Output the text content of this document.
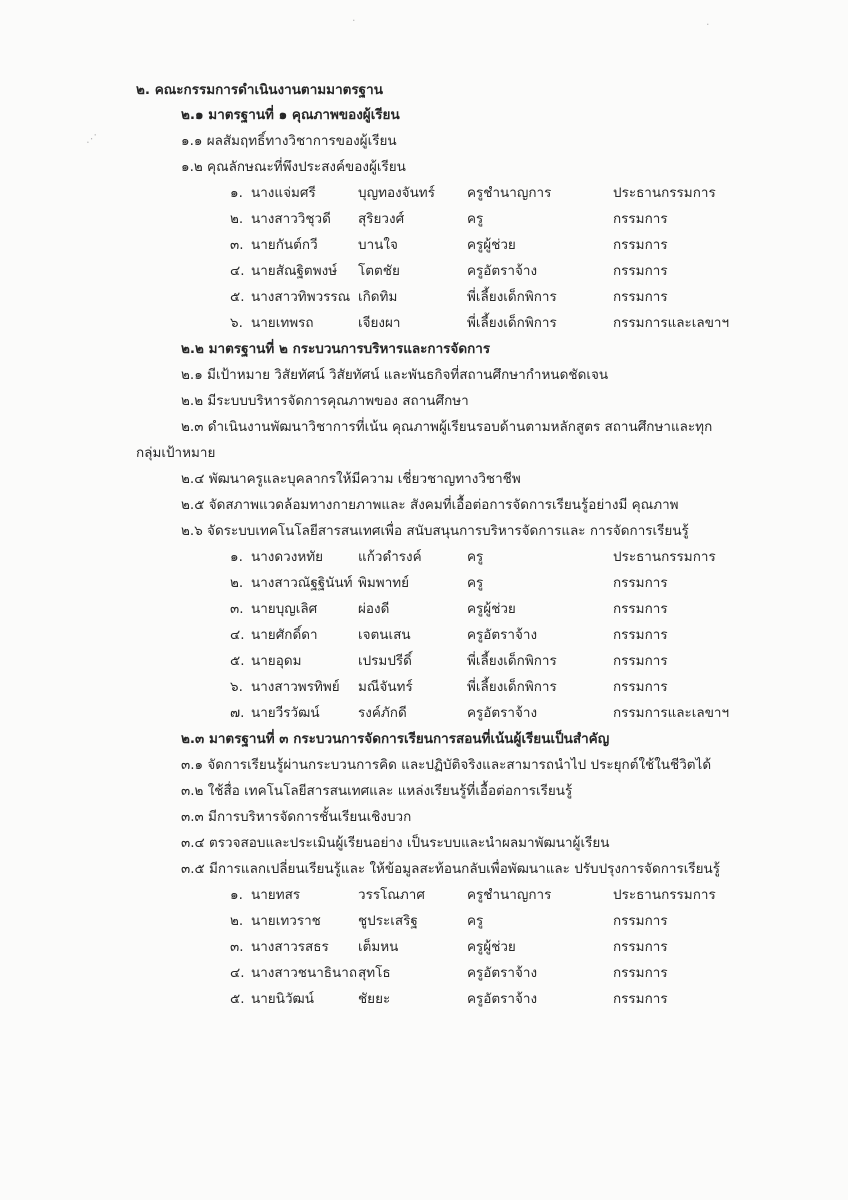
๒. คณะกรรมการดำเนินงานตามมาตรฐาน
๒.๑ มาตรฐานที่ ๑ คุณภาพของผู้เรียน
๑.๑ ผลสัมฤทธิ์ทางวิชาการของผู้เรียน
๑.๒ คุณลักษณะที่พึงประสงค์ของผู้เรียน
๑. นางแจ่มศรี	บุญทองจันทร์ ครูชำนาญการ	ประธานกรรมการ
๒. นางสาววิชุวดี สุริยวงศ์	ครู	กรรมการ
๓. นายกันต์กวี	บานใจ	ครูผู้ช่วย	กรรมการ
๔. นายสัณฐิตพงษ์ โตตชัย	ครูอัตราจ้าง	กรรมการ
๕. นางสาวทิพวรรณ เกิดทิม	พี่เลี้ยงเด็กพิการ	กรรมการ
๖. นายเทพรถ	เจียงผา	พี่เลี้ยงเด็กพิการ	กรรมการและเลขาฯ
๒.๒ มาตรฐานที่ ๒ กระบวนการบริหารและการจัดการ
๒.๑ มีเป้าหมาย วิสัยทัศน์ วิสัยทัศน์ และพันธกิจที่สถานศึกษากำหนดชัดเจน
๒.๒ มีระบบบริหารจัดการคุณภาพของ สถานศึกษา
๒.๓ ดำเนินงานพัฒนาวิชาการที่เน้น คุณภาพผู้เรียนรอบด้านตามหลักสูตร สถานศึกษาและทุก
กลุ่มเป้าหมาย
๒.๔ พัฒนาครูและบุคลากรให้มีความ เชี่ยวชาญทางวิชาชีพ
๒.๕ จัดสภาพแวดล้อมทางกายภาพและ สังคมที่เอื้อต่อการจัดการเรียนรู้อย่างมี คุณภาพ
๒.๖ จัดระบบเทคโนโลยีสารสนเทศเพื่อ สนับสนุนการบริหารจัดการและ การจัดการเรียนรู้
๑. นางดวงหทัย	แก้วดำรงค์	ครู	ประธานกรรมการ
๒. นางสาวณัฐฐินันท์ พิมพาทย์	ครู	กรรมการ
๓. นายบุญเลิศ	ผ่องดี	ครูผู้ช่วย	กรรมการ
๔. นายศักดิ์ดา	เจตนเสน	ครูอัตราจ้าง	กรรมการ
๕. นายอุดม	เปรมปรีดิ์	พี่เลี้ยงเด็กพิการ	กรรมการ
๖. นางสาวพรทิพย์ มณีจันทร์	พี่เลี้ยงเด็กพิการ	กรรมการ
๗. นายวีรวัฒน์	รงค์ภักดี	ครูอัตราจ้าง	กรรมการและเลขาฯ
๒.๓ มาตรฐานที่ ๓ กระบวนการจัดการเรียนการสอนที่เน้นผู้เรียนเป็นสำคัญ
๓.๑ จัดการเรียนรู้ผ่านกระบวนการคิด และปฏิบัติจริงและสามารถนำไป ประยุกต์ใช้ในชีวิตได้
๓.๒ ใช้สื่อ เทคโนโลยีสารสนเทศและ แหล่งเรียนรู้ที่เอื้อต่อการเรียนรู้
๓.๓ มีการบริหารจัดการชั้นเรียนเชิงบวก
๓.๔ ตรวจสอบและประเมินผู้เรียนอย่าง เป็นระบบและนำผลมาพัฒนาผู้เรียน
๓.๕ มีการแลกเปลี่ยนเรียนรู้และ ให้ข้อมูลสะท้อนกลับเพื่อพัฒนาและ ปรับปรุงการจัดการเรียนรู้
๑. นายทสร	วรรโณภาศ	ครูชำนาญการ	ประธานกรรมการ
๒. นายเทวราช	ชูประเสริฐ	ครู	กรรมการ
๓. นางสาวรสธร เต็มหน	ครูผู้ช่วย	กรรมการ
๔. นางสาวชนาธินาถ สุทโธ	ครูอัตราจ้าง	กรรมการ
๕. นายนิวัฒน์	ชัยยะ	ครูอัตราจ้าง	กรรมการ
⋰
·	·
